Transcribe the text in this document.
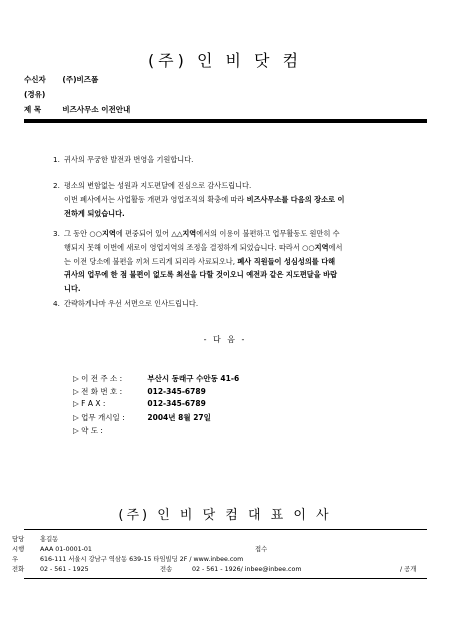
(주) 인 비 닷 컴
수신자 (주)비즈폼
(경유)
제 목	비즈사무소 이전안내
1. 귀사의 무궁한 발전과 번영을 기원합니다.
2. 평소의 변함없는 성원과 지도편달에 진심으로 감사드립니다.
이번 폐사에서는 사업활동 개편과 영업조직의 확충에 따라 비즈사무소를 다음의 장소로 이
전하게 되었습니다.
3. 그 동안 ○○지역에 편중되어 있어 △△지역에서의 이용이 불편하고 업무활동도 원만히 수
행되지 못해 이번에 새로이 영업지역의 조정을 결정하게 되었습니다. 따라서 ○○지역에서
는 이전 당소에 불편을 끼쳐 드리게 되리라 사료되오나, 폐사 직원들이 성심성의를 다해
귀사의 업무에 한 점 불편이 없도록 최선을 다할 것이오니 예전과 같은 지도편달을 바랍
니다.
4. 간략하게나마 우선 서면으로 인사드립니다.
- 다 음 -
▷ 이 전 주 소 :	부산시 동래구 수안동 41-6
▷ 전 화 번 호 :	012-345-6789
▷ F A X :	012-345-6789
▷ 업무 개시일 :	2004년 8월 27일
▷ 약 도 :
(주) 인 비 닷 컴 대 표 이 사
담당	홍길동
시행	AAA 01-0001-01	접수
우	616-111 서울시 강남구 역삼동 639-15 타임빌딩 2F / www.inbee.com
전화	02 - 561 - 1925	전송	02 - 561 - 1926/ inbee@inbee.com	/ 공개
